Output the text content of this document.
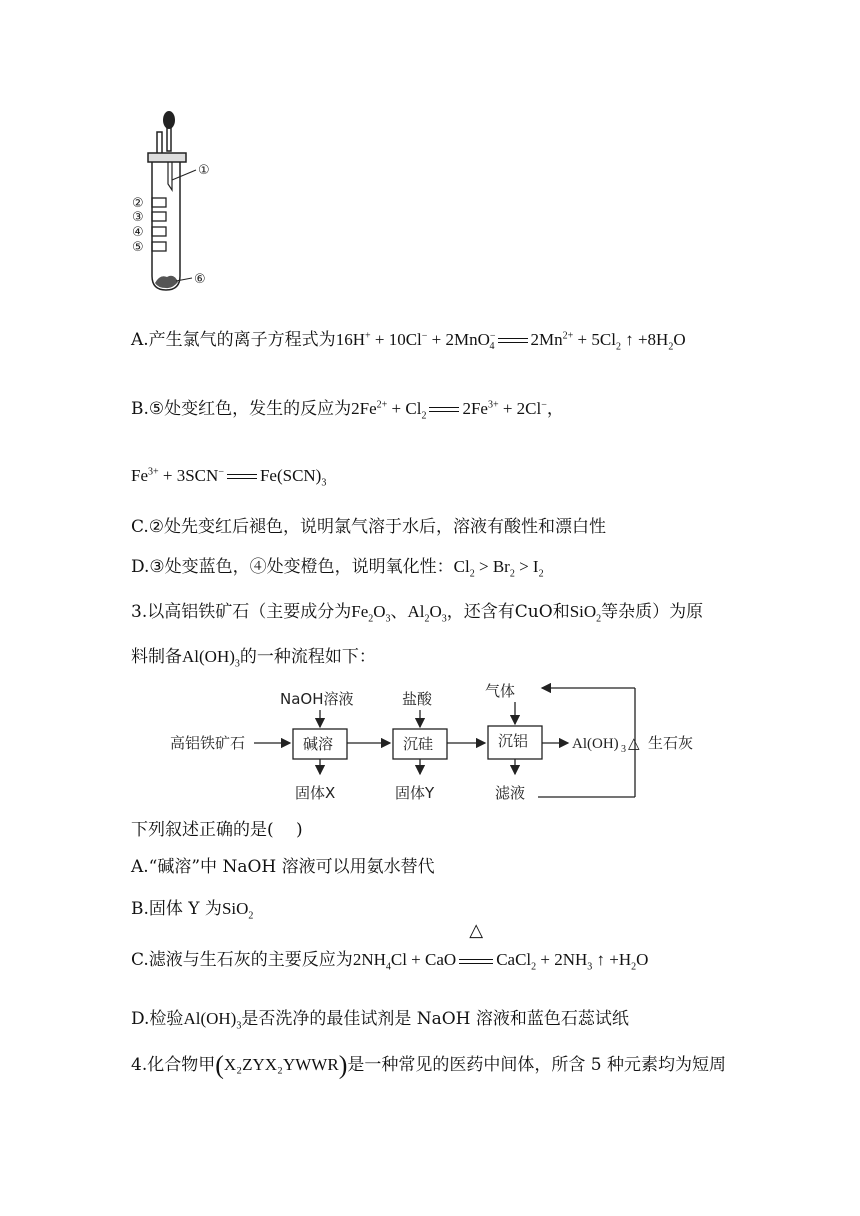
①
②
③
④
⑤
⑥
A.产生氯气的离子方程式为16H+ + 10Cl− + 2MnO−$_4$ $2Mn^{2+} + 5Cl_2$ ↑ $+8H_2O$
B.⑤处变红色，发生的反应为$2Fe^{2+} + Cl_2$ $2Fe^{3+} + 2Cl^-$，
$Fe^{3+} + 3SCN^-$ $Fe(SCN)_3$
C.②处先变红后褪色，说明氯气溶于水后，溶液有酸性和漂白性
D.③处变蓝色，④处变橙色，说明氧化性：$Cl_2 > Br_2 > I_2$
3.以高铝铁矿石（主要成分为$Fe_2O_3$、$Al_2O_3$，还含有CuO和SiO$_2$等杂质）为原
料制备$Al(OH)_3$的一种流程如下：
高铝铁矿石	碱溶
NaOH溶液
固体X
沉硅
盐酸
固体Y
沉铝
气体
滤液
Al(OH) 3 △ 生石灰
下列叙述正确的是(　 )
A.“碱溶”中 NaOH 溶液可以用氨水替代
B.固体 Y 为SiO$_2$
C.滤液与生石灰的主要反应为$2NH_4Cl$ + CaO
△
CaCl$_2$ + $2NH_3$ ↑ $+H_2O$
D.检验$Al(OH)_3$是否洗净的最佳试剂是 NaOH 溶液和蓝色石蕊试纸
4.化合物甲(X₂ZYX₂YWWR)是一种常见的医药中间体，所含 5 种元素均为短周
